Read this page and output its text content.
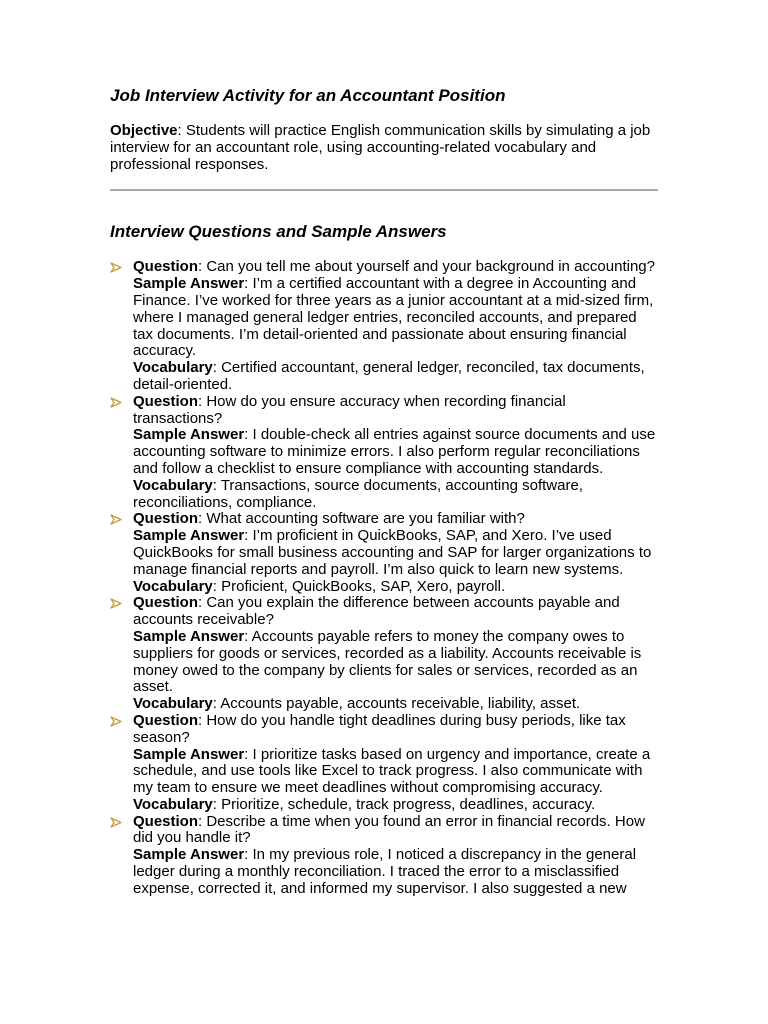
Job Interview Activity for an Accountant Position

Objective: Students will practice English communication skills by simulating a job interview for an accountant role, using accounting-related vocabulary and professional responses.

Interview Questions and Sample Answers
Question: Can you tell me about yourself and your background in accounting?
Sample Answer: I’m a certified accountant with a degree in Accounting and Finance. I’ve worked for three years as a junior accountant at a mid-sized firm, where I managed general ledger entries, reconciled accounts, and prepared tax documents. I’m detail-oriented and passionate about ensuring financial accuracy.
Vocabulary: Certified accountant, general ledger, reconciled, tax documents, detail-oriented.
Question: How do you ensure accuracy when recording financial transactions?
Sample Answer: I double-check all entries against source documents and use accounting software to minimize errors. I also perform regular reconciliations and follow a checklist to ensure compliance with accounting standards.
Vocabulary: Transactions, source documents, accounting software, reconciliations, compliance.
Question: What accounting software are you familiar with?
Sample Answer: I’m proficient in QuickBooks, SAP, and Xero. I’ve used QuickBooks for small business accounting and SAP for larger organizations to manage financial reports and payroll. I’m also quick to learn new systems.
Vocabulary: Proficient, QuickBooks, SAP, Xero, payroll.
Question: Can you explain the difference between accounts payable and accounts receivable?
Sample Answer: Accounts payable refers to money the company owes to suppliers for goods or services, recorded as a liability. Accounts receivable is money owed to the company by clients for sales or services, recorded as an asset.
Vocabulary: Accounts payable, accounts receivable, liability, asset.
Question: How do you handle tight deadlines during busy periods, like tax season?
Sample Answer: I prioritize tasks based on urgency and importance, create a schedule, and use tools like Excel to track progress. I also communicate with my team to ensure we meet deadlines without compromising accuracy.
Vocabulary: Prioritize, schedule, track progress, deadlines, accuracy.
Question: Describe a time when you found an error in financial records. How did you handle it?
Sample Answer: In my previous role, I noticed a discrepancy in the general ledger during a monthly reconciliation. I traced the error to a misclassified expense, corrected it, and informed my supervisor. I also suggested a new
